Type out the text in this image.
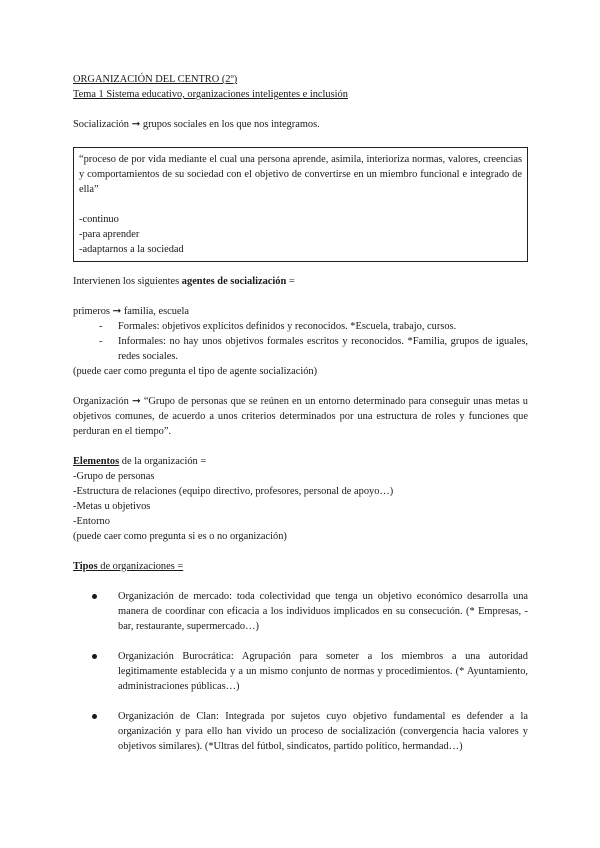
ORGANIZACIÓN DEL CENTRO (2º)

Tema 1 Sistema educativo, organizaciones inteligentes e inclusión

Socialización ➞ grupos sociales en los que nos integramos.

“proceso de por vida mediante el cual una persona aprende, asimila, interioriza normas, valores, creencias y comportamientos de su sociedad con el objetivo de convertirse en un miembro funcional e integrado de ella”

-continuo

-para aprender

-adaptarnos a la sociedad

Intervienen los siguientes agentes de socialización =

primeros ➞ familia, escuela

- Formales: objetivos explícitos definidos y reconocidos. *Escuela, trabajo, cursos.
- Informales: no hay unos objetivos formales escritos y reconocidos. *Familia, grupos de iguales, redes sociales.

(puede caer como pregunta el tipo de agente socialización)

Organización ➞ “Grupo de personas que se reúnen en un entorno determinado para conseguir unas metas u objetivos comunes, de acuerdo a unos criterios determinados por una estructura de roles y funciones que perduran en el tiempo”.

Elementos de la organización =

-Grupo de personas

-Estructura de relaciones (equipo directivo, profesores, personal de apoyo…)

-Metas u objetivos

-Entorno

(puede caer como pregunta si es o no organización)

Tipos de organizaciones =

Organización de mercado: toda colectividad que tenga un objetivo económico desarrolla una manera de coordinar con eficacia a los individuos implicados en su consecución. (* Empresas, - bar, restaurante, supermercado…)
Organización Burocrática: Agrupación para someter a los miembros a una autoridad legitimamente establecida y a un mismo conjunto de normas y procedimientos. (* Ayuntamiento, administraciones públicas…)
Organización de Clan: Integrada por sujetos cuyo objetivo fundamental es defender a la organización y para ello han vivido un proceso de socialización (convergencia hacia valores y objetivos similares). (*Ultras del fútbol, sindicatos, partido político, hermandad…)
